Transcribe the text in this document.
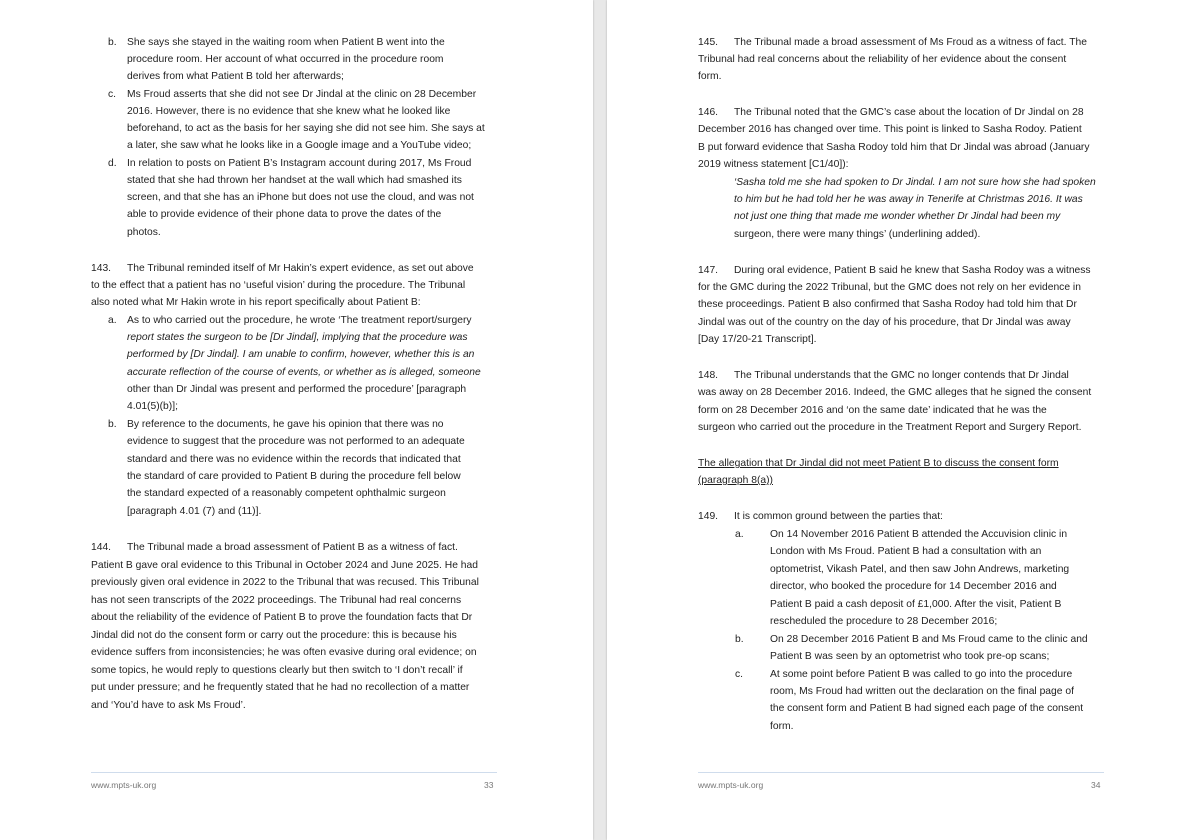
b. She says she stayed in the waiting room when Patient B went into the
procedure room. Her account of what occurred in the procedure room
derives from what Patient B told her afterwards;
c. Ms Froud asserts that she did not see Dr Jindal at the clinic on 28 December
2016. However, there is no evidence that she knew what he looked like
beforehand, to act as the basis for her saying she did not see him. She says at
a later, she saw what he looks like in a Google image and a YouTube video;
d. In relation to posts on Patient B’s Instagram account during 2017, Ms Froud
stated that she had thrown her handset at the wall which had smashed its
screen, and that she has an iPhone but does not use the cloud, and was not
able to provide evidence of their phone data to prove the dates of the
photos.
143. The Tribunal reminded itself of Mr Hakin’s expert evidence, as set out above
to the effect that a patient has no ‘useful vision’ during the procedure. The Tribunal
also noted what Mr Hakin wrote in his report specifically about Patient B:
a. As to who carried out the procedure, he wrote ‘The treatment report/surgery
report states the surgeon to be [Dr Jindal], implying that the procedure was
performed by [Dr Jindal]. I am unable to confirm, however, whether this is an
accurate reflection of the course of events, or whether as is alleged, someone
other than Dr Jindal was present and performed the procedure’ [paragraph
4.01(5)(b)];
b. By reference to the documents, he gave his opinion that there was no
evidence to suggest that the procedure was not performed to an adequate
standard and there was no evidence within the records that indicated that
the standard of care provided to Patient B during the procedure fell below
the standard expected of a reasonably competent ophthalmic surgeon
[paragraph 4.01 (7) and (11)].
144. The Tribunal made a broad assessment of Patient B as a witness of fact.
Patient B gave oral evidence to this Tribunal in October 2024 and June 2025. He had
previously given oral evidence in 2022 to the Tribunal that was recused. This Tribunal
has not seen transcripts of the 2022 proceedings. The Tribunal had real concerns
about the reliability of the evidence of Patient B to prove the foundation facts that Dr
Jindal did not do the consent form or carry out the procedure: this is because his
evidence suffers from inconsistencies; he was often evasive during oral evidence; on
some topics, he would reply to questions clearly but then switch to ‘I don’t recall’ if
put under pressure; and he frequently stated that he had no recollection of a matter
and ‘You’d have to ask Ms Froud’.
www.mpts-uk.org	33
145. The Tribunal made a broad assessment of Ms Froud as a witness of fact. The
Tribunal had real concerns about the reliability of her evidence about the consent
form.
146. The Tribunal noted that the GMC’s case about the location of Dr Jindal on 28
December 2016 has changed over time. This point is linked to Sasha Rodoy. Patient
B put forward evidence that Sasha Rodoy told him that Dr Jindal was abroad (January
2019 witness statement [C1/40]):
‘Sasha told me she had spoken to Dr Jindal. I am not sure how she had spoken
to him but he had told her he was away in Tenerife at Christmas 2016. It was
not just one thing that made me wonder whether Dr Jindal had been my
surgeon, there were many things’ (underlining added).
147. During oral evidence, Patient B said he knew that Sasha Rodoy was a witness
for the GMC during the 2022 Tribunal, but the GMC does not rely on her evidence in
these proceedings. Patient B also confirmed that Sasha Rodoy had told him that Dr
Jindal was out of the country on the day of his procedure, that Dr Jindal was away
[Day 17/20-21 Transcript].
148. The Tribunal understands that the GMC no longer contends that Dr Jindal
was away on 28 December 2016. Indeed, the GMC alleges that he signed the consent
form on 28 December 2016 and ‘on the same date’ indicated that he was the
surgeon who carried out the procedure in the Treatment Report and Surgery Report.
The allegation that Dr Jindal did not meet Patient B to discuss the consent form
(paragraph 8(a))
149. It is common ground between the parties that:
a.	On 14 November 2016 Patient B attended the Accuvision clinic in
London with Ms Froud. Patient B had a consultation with an
optometrist, Vikash Patel, and then saw John Andrews, marketing
director, who booked the procedure for 14 December 2016 and
Patient B paid a cash deposit of £1,000. After the visit, Patient B
rescheduled the procedure to 28 December 2016;
b.	On 28 December 2016 Patient B and Ms Froud came to the clinic and
Patient B was seen by an optometrist who took pre-op scans;
c.	At some point before Patient B was called to go into the procedure
room, Ms Froud had written out the declaration on the final page of
the consent form and Patient B had signed each page of the consent
form.
www.mpts-uk.org	34
